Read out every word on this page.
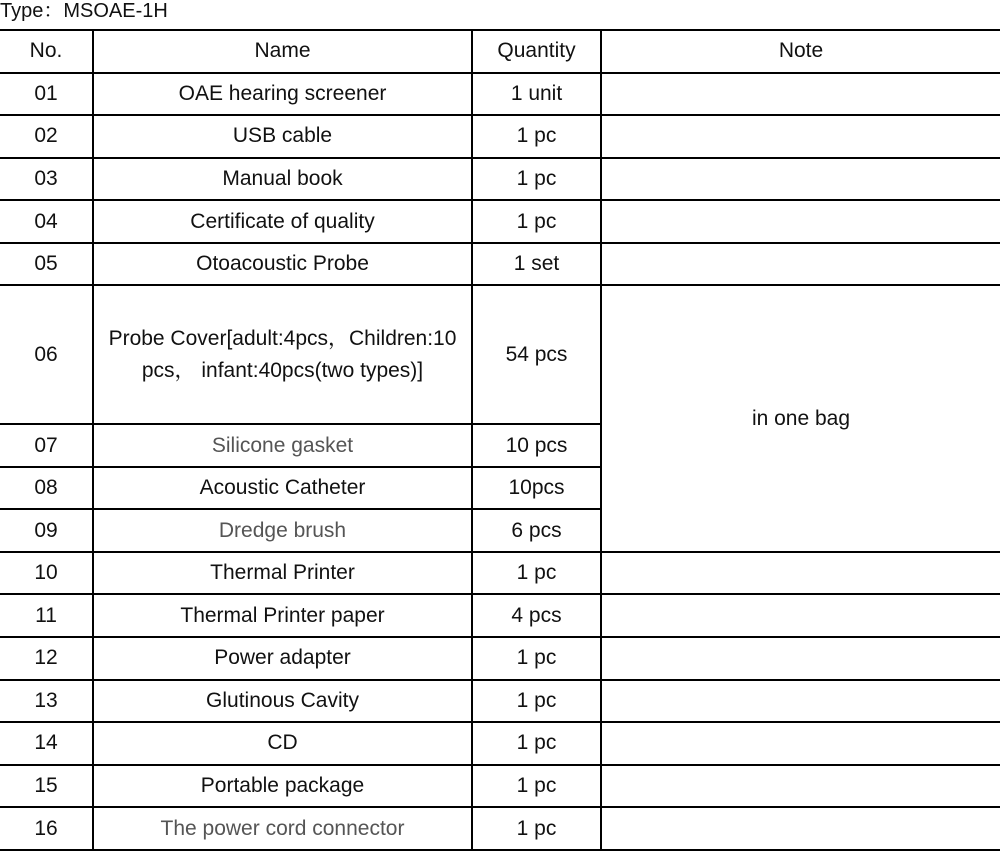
Type：MSOAE-1H
No.	Name	Quantity	Note
01	OAE hearing screener	1 unit	
02	USB cable	1 pc	
03	Manual book	1 pc	
04	Certificate of quality	1 pc	
05	Otoacoustic Probe	1 set	
06	Probe Cover[adult:4pcs，Children:10 pcs， infant:40pcs(two types)]	54 pcs	in one bag
07	Silicone gasket	10 pcs	
08	Acoustic Catheter	10pcs	
09	Dredge brush	6 pcs	
10	Thermal Printer	1 pc	
11	Thermal Printer paper	4 pcs	
12	Power adapter	1 pc	
13	Glutinous Cavity	1 pc	
14	CD	1 pc	
15	Portable package	1 pc	
16	The power cord connector	1 pc	
